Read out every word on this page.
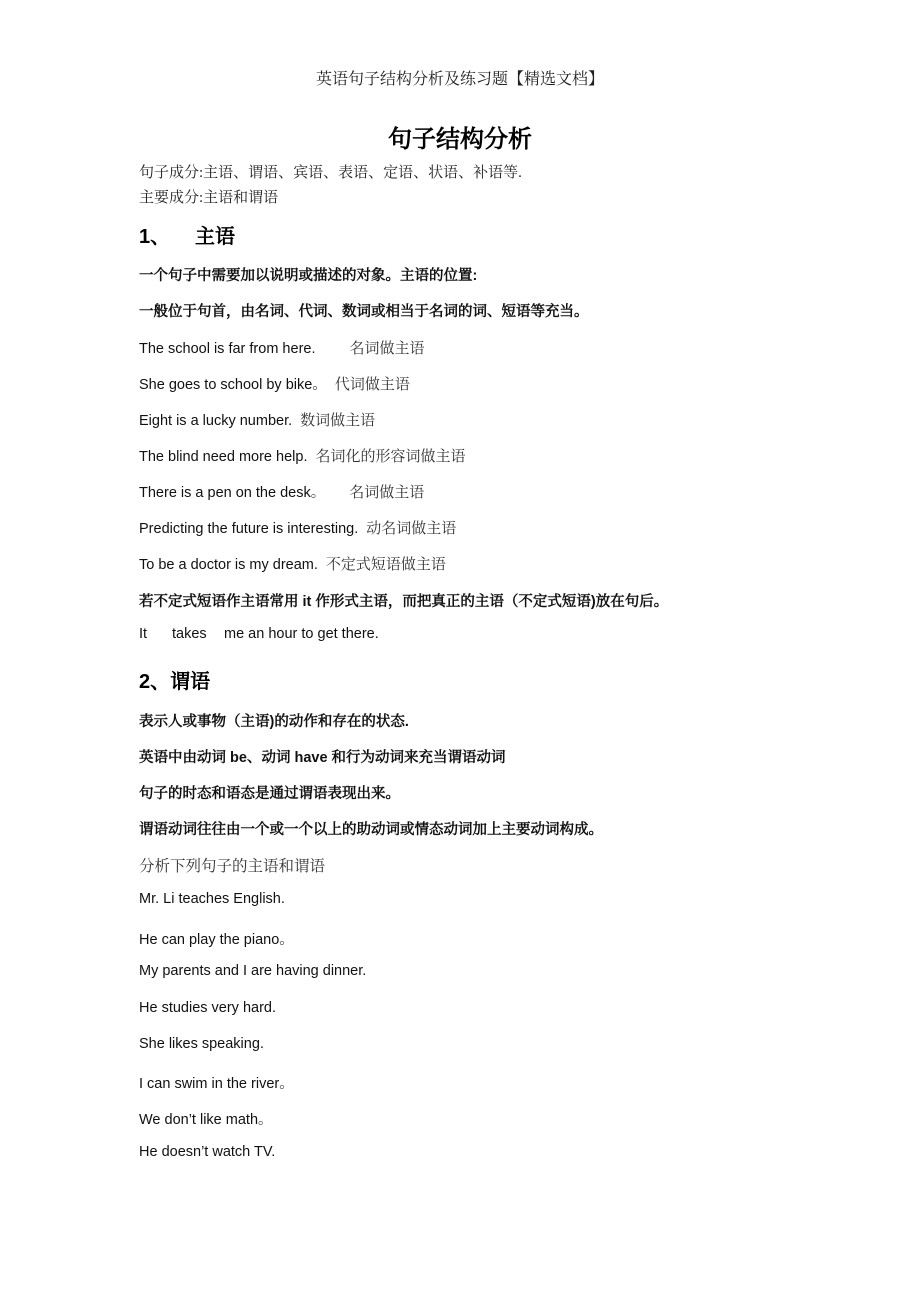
英语句子结构分析及练习题【精选文档】
句子结构分析
句子成分:主语、谓语、宾语、表语、定语、状语、补语等.
主要成分:主语和谓语
1、 主语
一个句子中需要加以说明或描述的对象。主语的位置:
一般位于句首，由名词、代词、数词或相当于名词的词、短语等充当。
The school is far from here. 名词做主语
She goes to school by bike。 代词做主语
Eight is a lucky number. 数词做主语
The blind need more help. 名词化的形容词做主语
There is a pen on the desk。 名词做主语
Predicting the future is interesting. 动名词做主语
To be a doctor is my dream. 不定式短语做主语
若不定式短语作主语常用 it 作形式主语，而把真正的主语（不定式短语)放在句后。
It takes me an hour to get there.
2、谓语
表示人或事物（主语)的动作和存在的状态.
英语中由动词 be、动词 have 和行为动词来充当谓语动词
句子的时态和语态是通过谓语表现出来。
谓语动词往往由一个或一个以上的助动词或情态动词加上主要动词构成。
分析下列句子的主语和谓语
Mr. Li teaches English.
He can play the piano。
My parents and I are having dinner.
He studies very hard.
She likes speaking.
I can swim in the river。
We don’t like math。
He doesn’t watch TV.
